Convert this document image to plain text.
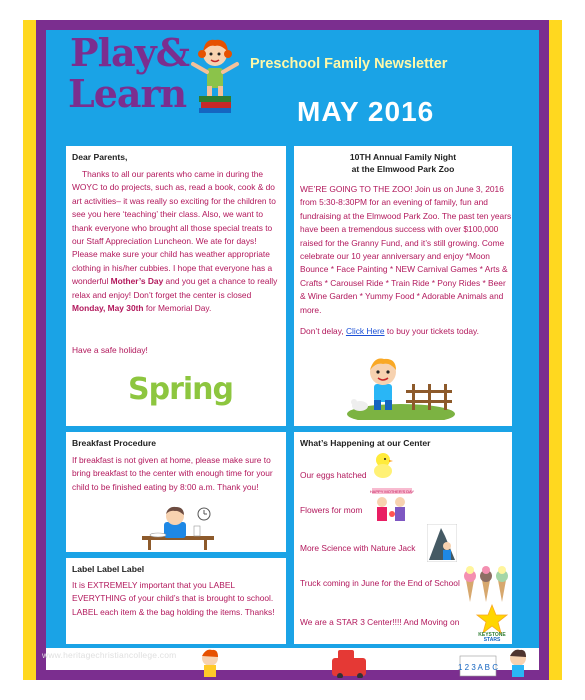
Play&
Learn
Preschool Family Newsletter
MAY 2016
Dear Parents,
Thanks to all our parents who came in during the WOYC to do projects, such as, read a book, cook & do art activities– it was really so exciting for the children to see you here ‘teaching’ their class. Also, we want to thank everyone who brought all those special treats to our Staff Appreciation Luncheon. We ate for days! Please make sure your child has weather appropriate clothing in his/her cubbies. I hope that everyone has a wonderful Mother’s Day and you get a chance to really relax and enjoy! Don’t forget the center is closed Monday, May 30th for Memorial Day.
Have a safe holiday!
Spring
10TH Annual Family Night
at the Elmwood Park Zoo
WE’RE GOING TO THE ZOO! Join us on June 3, 2016 from 5:30-8:30PM for an evening of family, fun and fundraising at the Elmwood Park Zoo. The past ten years have been a tremendous success with over $100,000 raised for the Granny Fund, and it’s still growing. Come celebrate our 10 year anniversary and enjoy *Moon Bounce * Face Painting * NEW Carnival Games * Arts & Crafts * Carousel Ride * Train Ride * Pony Rides * Beer & Wine Garden * Yummy Food * Adorable Animals and more.
Don’t delay, Click Here to buy your tickets today.
Breakfast Procedure
If breakfast is not given at home, please make sure to bring breakfast to the center with enough time for your child to be finished eating by 8:00 a.m. Thank you!
Label Label Label
It is EXTREMELY important that you LABEL EVERYTHING of your child’s that is brought to school. LABEL each item & the bag holding the items. Thanks!
What’s Happening at our Center
Our eggs hatched
Flowers for mom
More Science with Nature Jack
Truck coming in June for the End of School
We are a STAR 3 Center!!!! And Moving on
HAPPY MOTHER'S DAY
KEYSTONE
STARS
1 2 3 A B C
www.heritagechristiancollege.com
